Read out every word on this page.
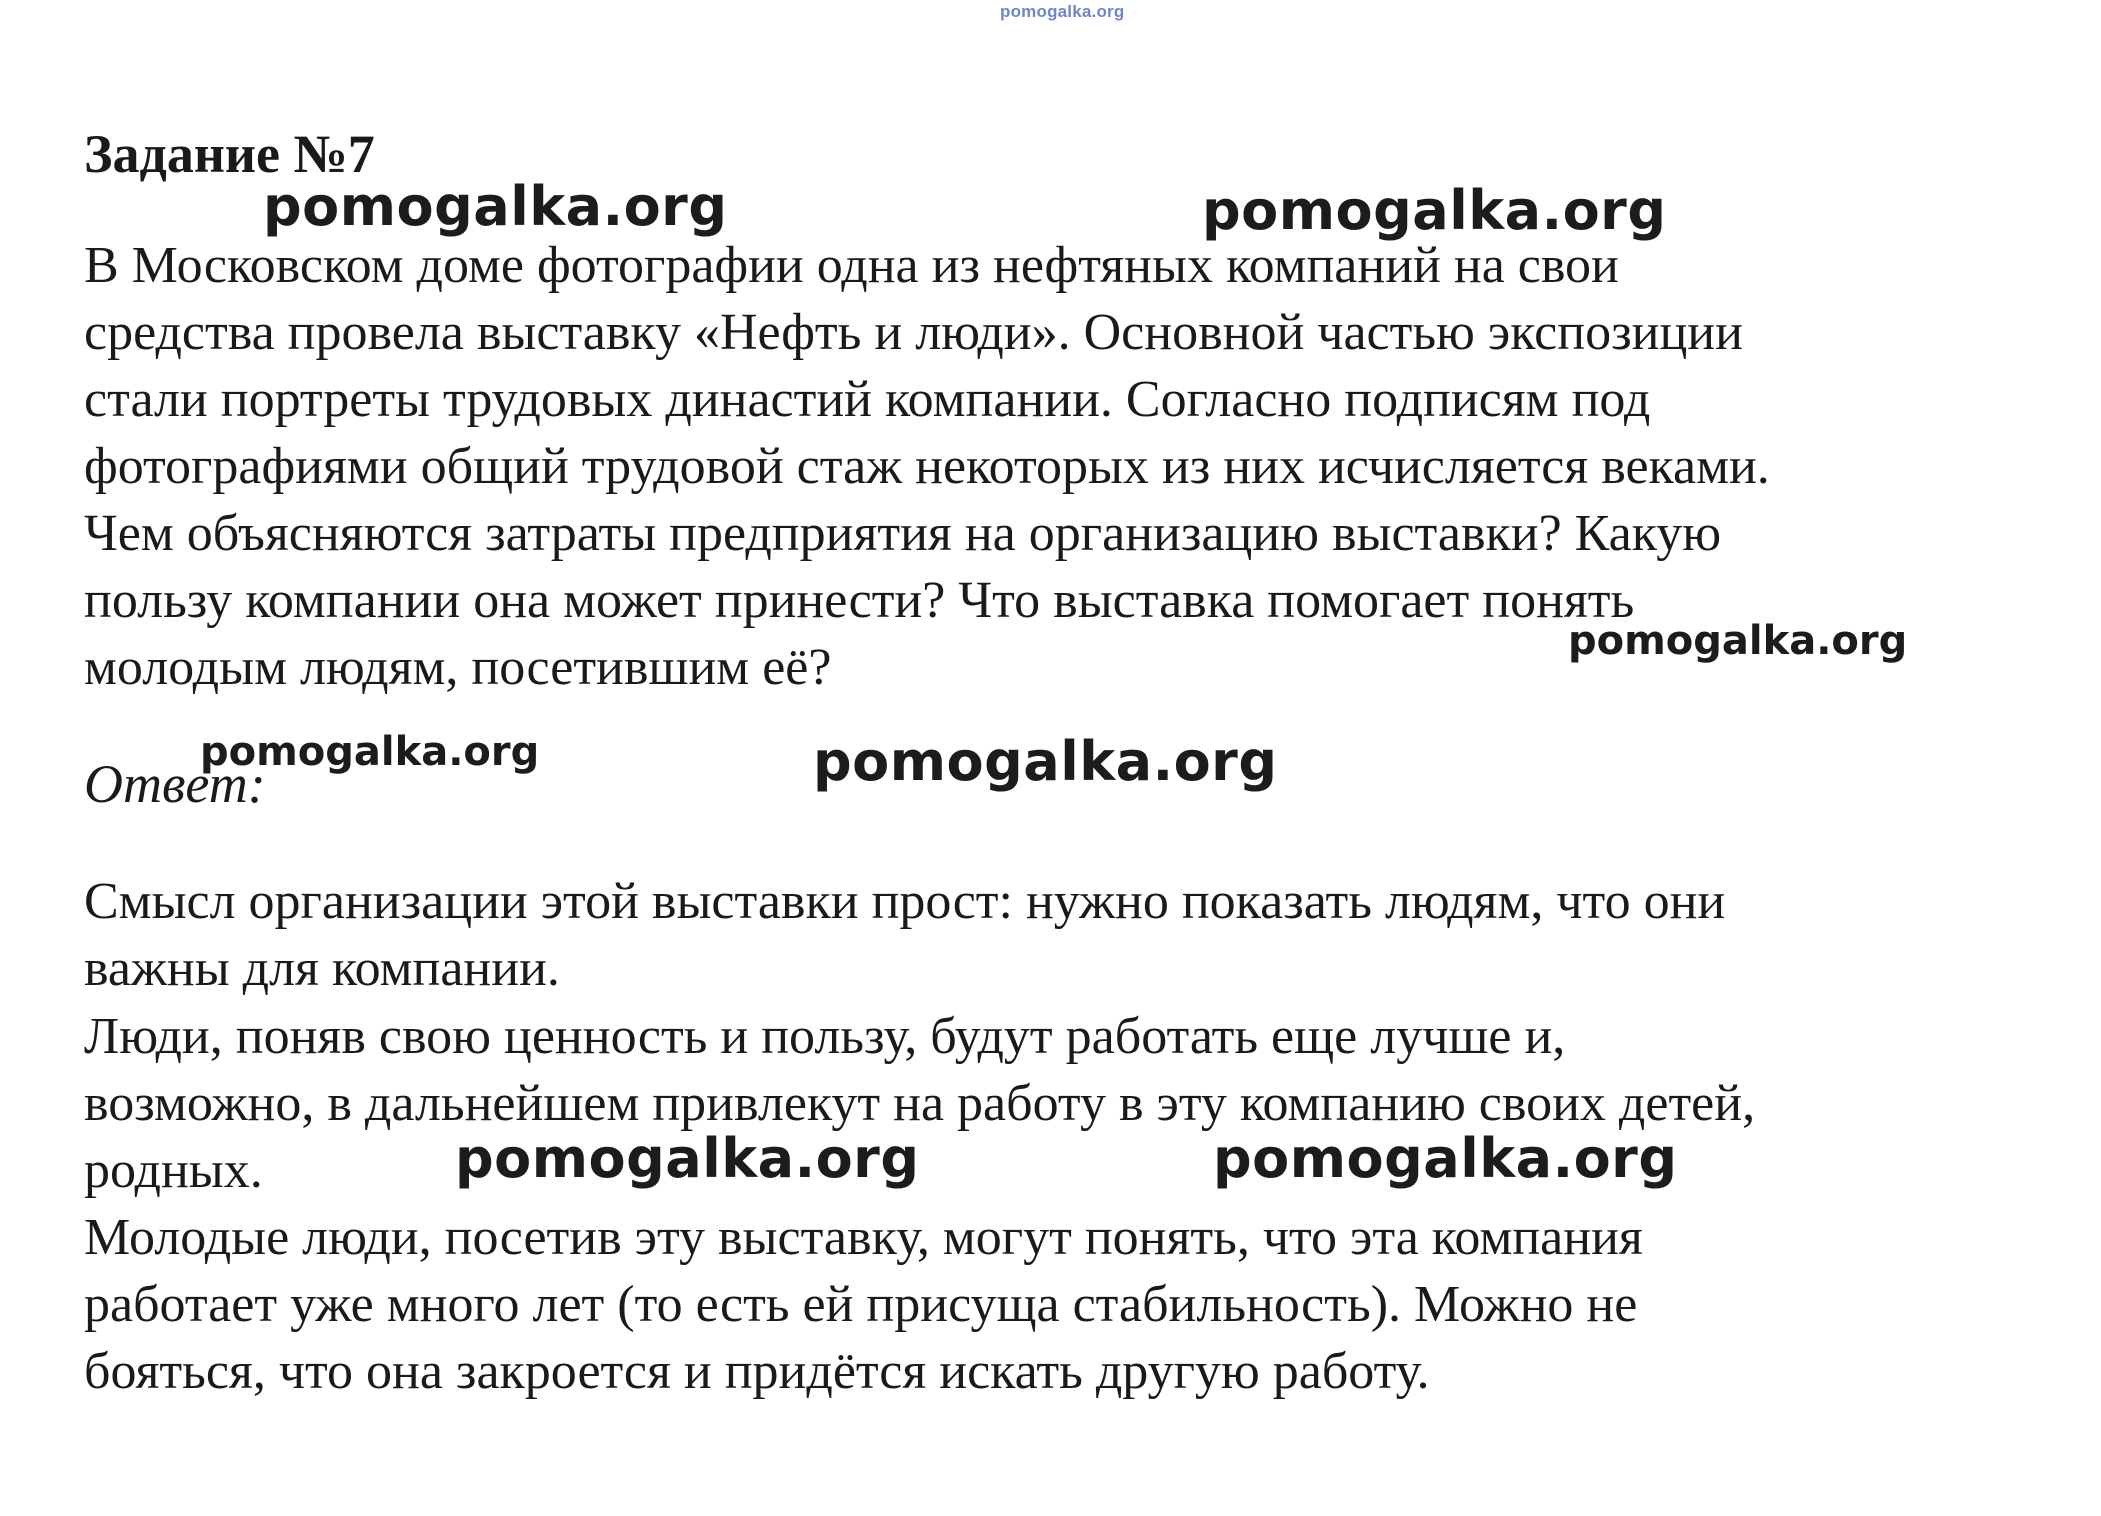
pomogalka.org
Задание №7

В Московском доме фотографии одна из нефтяных компаний на свои
средства провела выставку «Нефть и люди». Основной частью экспозиции
стали портреты трудовых династий компании. Согласно подписям под
фотографиями общий трудовой стаж некоторых из них исчисляется веками.
Чем объясняются затраты предприятия на организацию выставки? Какую
пользу компании она может принести? Что выставка помогает понять
молодым людям, посетившим её?

Ответ:

Смысл организации этой выставки прост: нужно показать людям, что они
важны для компании.

Люди, поняв свою ценность и пользу, будут работать еще лучше и,
возможно, в дальнейшем привлекут на работу в эту компанию своих детей,
родных.

Молодые люди, посетив эту выставку, могут понять, что эта компания
работает уже много лет (то есть ей присуща стабильность). Можно не
бояться, что она закроется и придётся искать другую работу.

pomogalka.org	pomogalka.org
pomogalka.org
pomogalka.org	pomogalka.org
pomogalka.org	pomogalka.org
